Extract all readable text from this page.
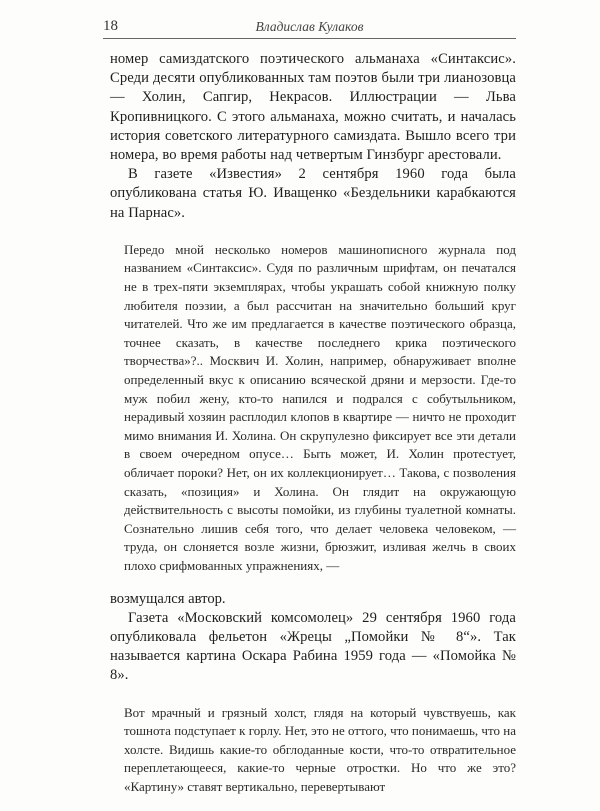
18	Владислав Кулаков

номер самиздатского поэтического альманаха «Синтаксис». Среди десяти опубликованных там поэтов были три лианозовца — Холин, Сапгир, Некрасов. Иллюстрации — Льва Кропивницкого. С этого альманаха, можно считать, и началась история советского литературного самиздата. Вышло всего три номера, во время работы над четвертым Гинзбург арестовали.

В газете «Известия» 2 сентября 1960 года была опубликована статья Ю. Иващенко «Бездельники карабкаются на Парнас».

Передо мной несколько номеров машинописного журнала под названием «Синтаксис». Судя по различным шрифтам, он печатался не в трех-пяти экземплярах, чтобы украшать собой книжную полку любителя поэзии, а был рассчитан на значительно больший круг читателей. Что же им предлагается в качестве поэтического образца, точнее сказать, в качестве последнего крика поэтического творчества»?.. Москвич И. Холин, например, обнаруживает вполне определенный вкус к описанию всяческой дряни и мерзости. Где-то муж побил жену, кто-то напился и подрался с собутыльником, нерадивый хозяин расплодил клопов в квартире — ничто не проходит мимо внимания И. Холина. Он скрупулезно фиксирует все эти детали в своем очередном опусе… Быть может, И. Холин протестует, обличает пороки? Нет, он их коллекционирует… Такова, с позволения сказать, «позиция» и Холина. Он глядит на окружающую действительность с высоты помойки, из глубины туалетной комнаты. Сознательно лишив себя того, что делает человека человеком, — труда, он слоняется возле жизни, брюзжит, изливая желчь в своих плохо срифмованных упражнениях, —

возмущался автор.

Газета «Московский комсомолец» 29 сентября 1960 года опубликовала фельетон «Жрецы „Помойки № 8“». Так называется картина Оскара Рабина 1959 года — «Помойка № 8».

Вот мрачный и грязный холст, глядя на который чувствуешь, как тошнота подступает к горлу. Нет, это не оттого, что понимаешь, что на холсте. Видишь какие-то обглоданные кости, что-то отвратительное переплетающееся, какие-то черные отростки. Но что же это? «Картину» ставят вертикально, перевертывают
